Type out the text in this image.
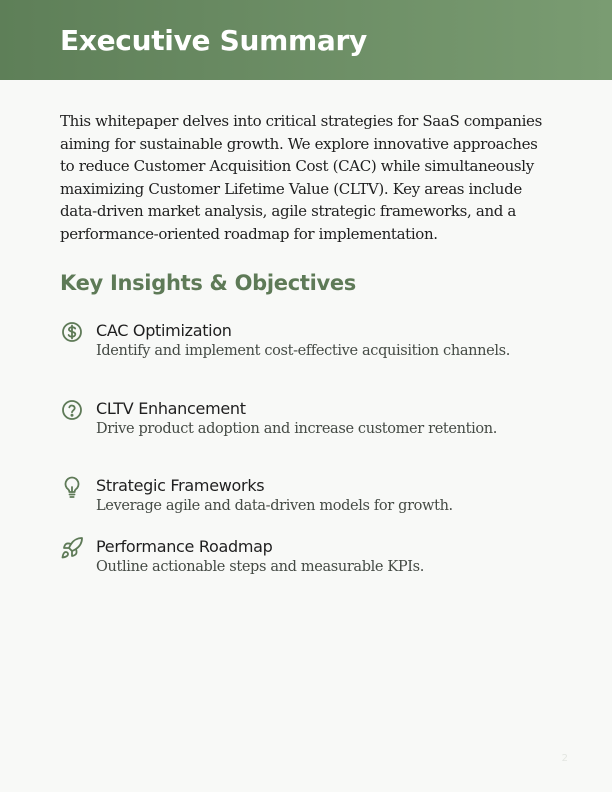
Executive Summary

This whitepaper delves into critical strategies for SaaS companies aiming for sustainable growth. We explore innovative approaches to reduce Customer Acquisition Cost (CAC) while simultaneously maximizing Customer Lifetime Value (CLTV). Key areas include data-driven market analysis, agile strategic frameworks, and a performance-oriented roadmap for implementation.

Key Insights & Objectives
CAC Optimization
Identify and implement cost-effective acquisition channels.
CLTV Enhancement
Drive product adoption and increase customer retention.
Strategic Frameworks
Leverage agile and data-driven models for growth.
Performance Roadmap
Outline actionable steps and measurable KPIs.
2
